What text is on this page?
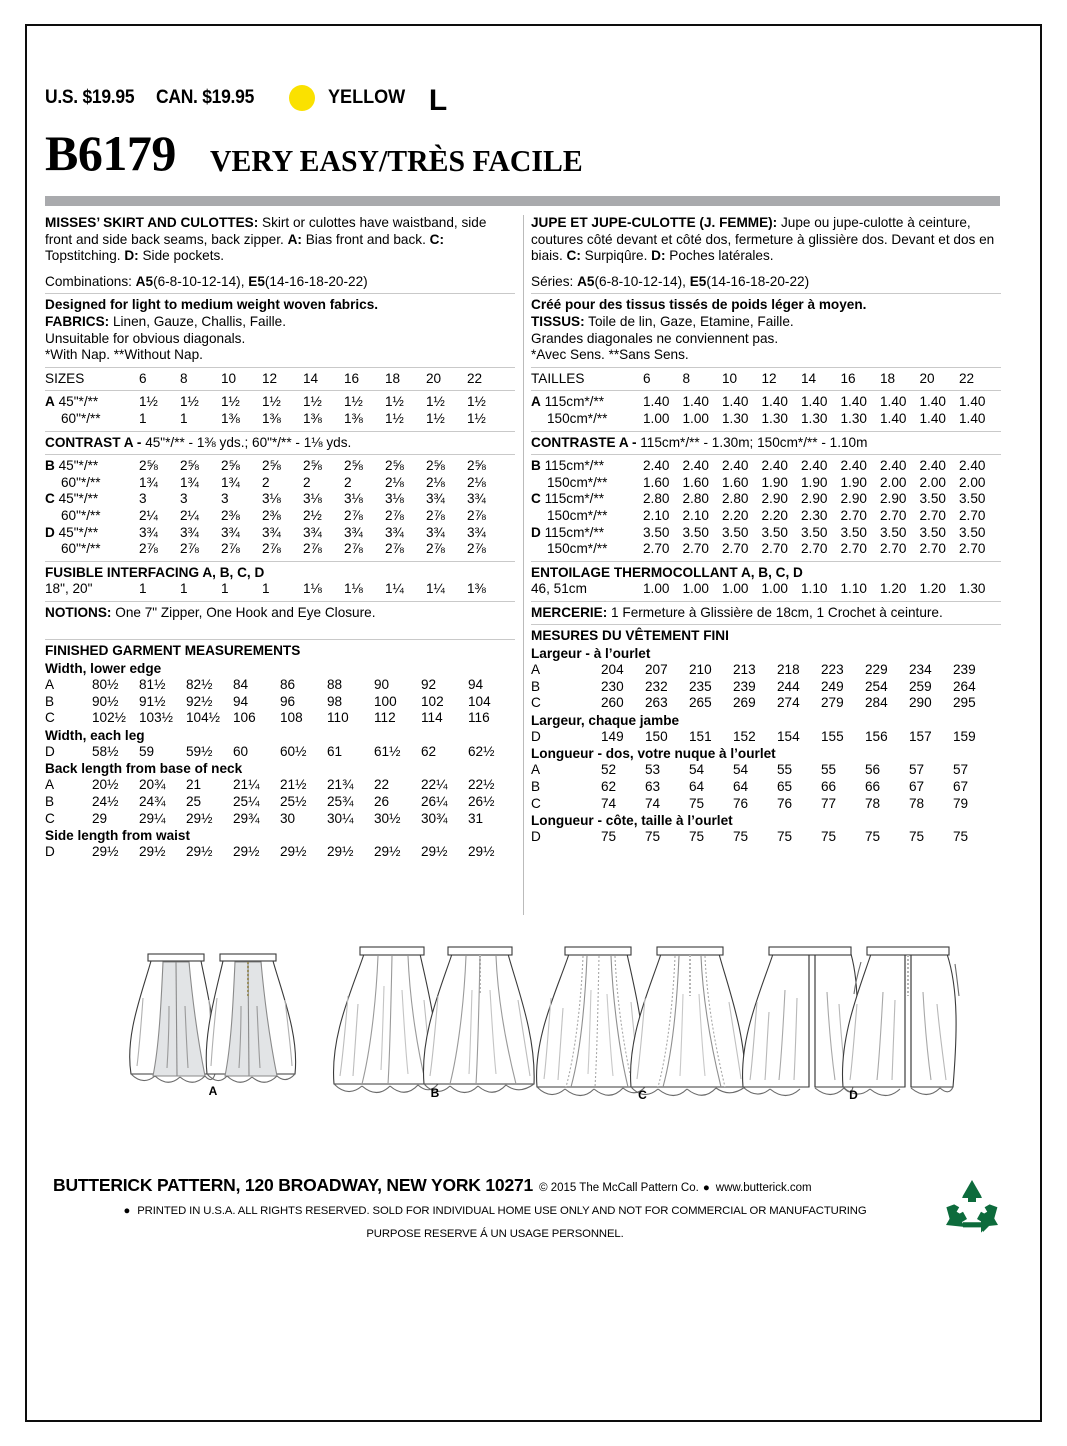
U.S. $19.95 CAN. $19.95	YELLOW L
B6179 VERY EASY/TRÈS FACILE

MISSES’ SKIRT AND CULOTTES: Skirt or culottes have waistband, side front and side back seams, back zipper. A: Bias front and back. C: Topstitching. D: Side pockets.

Combinations: A5(6-8-10-12-14), E5(14-16-18-20-22)

Designed for light to medium weight woven fabrics.

FABRICS: Linen, Gauze, Challis, Faille.

Unsuitable for obvious diagonals.

*With Nap. **Without Nap.

SIZES	6 8 10 12 14 16 18 20 22
A 45"*/**	1½ 1½ 1½ 1½ 1½ 1½ 1½ 1½ 1½
60"*/**	1 1 1⅜ 1⅜ 1⅜ 1⅜ 1½ 1½ 1½

CONTRAST A - 45"*/** - 1⅜ yds.; 60"*/** - 1⅛ yds.

B 45"*/**	2⅝ 2⅝ 2⅝ 2⅝ 2⅝ 2⅝ 2⅝ 2⅝ 2⅝
60"*/**	1¾ 1¾ 1¾ 2 2 2 2⅛ 2⅛ 2⅛
C 45"*/**	3 3 3 3⅛ 3⅛ 3⅛ 3⅛ 3¾ 3¾
60"*/**	2¼ 2¼ 2⅜ 2⅜ 2½ 2⅞ 2⅞ 2⅞ 2⅞
D 45"*/**	3¾ 3¾ 3¾ 3¾ 3¾ 3¾ 3¾ 3¾ 3¾
60"*/**	2⅞ 2⅞ 2⅞ 2⅞ 2⅞ 2⅞ 2⅞ 2⅞ 2⅞

FUSIBLE INTERFACING A, B, C, D

18", 20"	1 1 1 1 1⅛ 1⅛ 1¼ 1¼ 1⅜

NOTIONS: One 7" Zipper, One Hook and Eye Closure.

FINISHED GARMENT MEASUREMENTS

Width, lower edge
A	80½ 81½ 82½ 84 86 88 90 92 94
B	90½ 91½ 92½ 94 96 98 100 102 104
C	102½ 103½ 104½ 106 108 110 112 114 116
Width, each leg
D	58½ 59 59½ 60 60½ 61 61½ 62 62½
Back length from base of neck
A	20½ 20¾ 21 21¼ 21½ 21¾ 22 22¼ 22½
B	24½ 24¾ 25 25¼ 25½ 25¾ 26 26¼ 26½
C	29 29¼ 29½ 29¾ 30 30¼ 30½ 30¾ 31
Side length from waist
D	29½ 29½ 29½ 29½ 29½ 29½ 29½ 29½ 29½

JUPE ET JUPE-CULOTTE (J. FEMME): Jupe ou jupe-culotte à ceinture, coutures côté devant et côté dos, fermeture à glissière dos. Devant et dos en biais. C: Surpiqûre. D: Poches latérales.

Séries: A5(6-8-10-12-14), E5(14-16-18-20-22)

Créé pour des tissus tissés de poids léger à moyen.

TISSUS: Toile de lin, Gaze, Etamine, Faille.

Grandes diagonales ne conviennent pas.

*Avec Sens. **Sans Sens.

TAILLES	6 8 10 12 14 16 18 20 22
A 115cm*/**	1.40 1.40 1.40 1.40 1.40 1.40 1.40 1.40 1.40
150cm*/**	1.00 1.00 1.30 1.30 1.30 1.30 1.40 1.40 1.40

CONTRASTE A - 115cm*/** - 1.30m; 150cm*/** - 1.10m

B 115cm*/**	2.40 2.40 2.40 2.40 2.40 2.40 2.40 2.40 2.40
150cm*/**	1.60 1.60 1.60 1.90 1.90 1.90 2.00 2.00 2.00
C 115cm*/**	2.80 2.80 2.80 2.90 2.90 2.90 2.90 3.50 3.50
150cm*/**	2.10 2.10 2.20 2.20 2.30 2.70 2.70 2.70 2.70
D 115cm*/**	3.50 3.50 3.50 3.50 3.50 3.50 3.50 3.50 3.50
150cm*/**	2.70 2.70 2.70 2.70 2.70 2.70 2.70 2.70 2.70

ENTOILAGE THERMOCOLLANT A, B, C, D

46, 51cm	1.00 1.00 1.00 1.00 1.10 1.10 1.20 1.20 1.30

MERCERIE: 1 Fermeture à Glissière de 18cm, 1 Crochet à ceinture.

MESURES DU VÊTEMENT FINI

Largeur - à l’ourlet
A	204 207 210 213 218 223 229 234 239
B	230 232 235 239 244 249 254 259 264
C	260 263 265 269 274 279 284 290 295
Largeur, chaque jambe
D	149 150 151 152 154 155 156 157 159
Longueur - dos, votre nuque à l’ourlet
A	52 53 54 54 55 55 56 57 57
B	62 63 64 64 65 66 66 67 67
C	74 74 75 76 76 77 78 78 79
Longueur - côte, taille à l’ourlet
D	75 75 75 75 75 75 75 75 75
A	B	C	D
BUTTERICK PATTERN, 120 BROADWAY, NEW YORK 10271 © 2015 The McCall Pattern Co. ● www.butterick.com
● PRINTED IN U.S.A. ALL RIGHTS RESERVED. SOLD FOR INDIVIDUAL HOME USE ONLY AND NOT FOR COMMERCIAL OR MANUFACTURING
PURPOSE RESERVE Á UN USAGE PERSONNEL.
